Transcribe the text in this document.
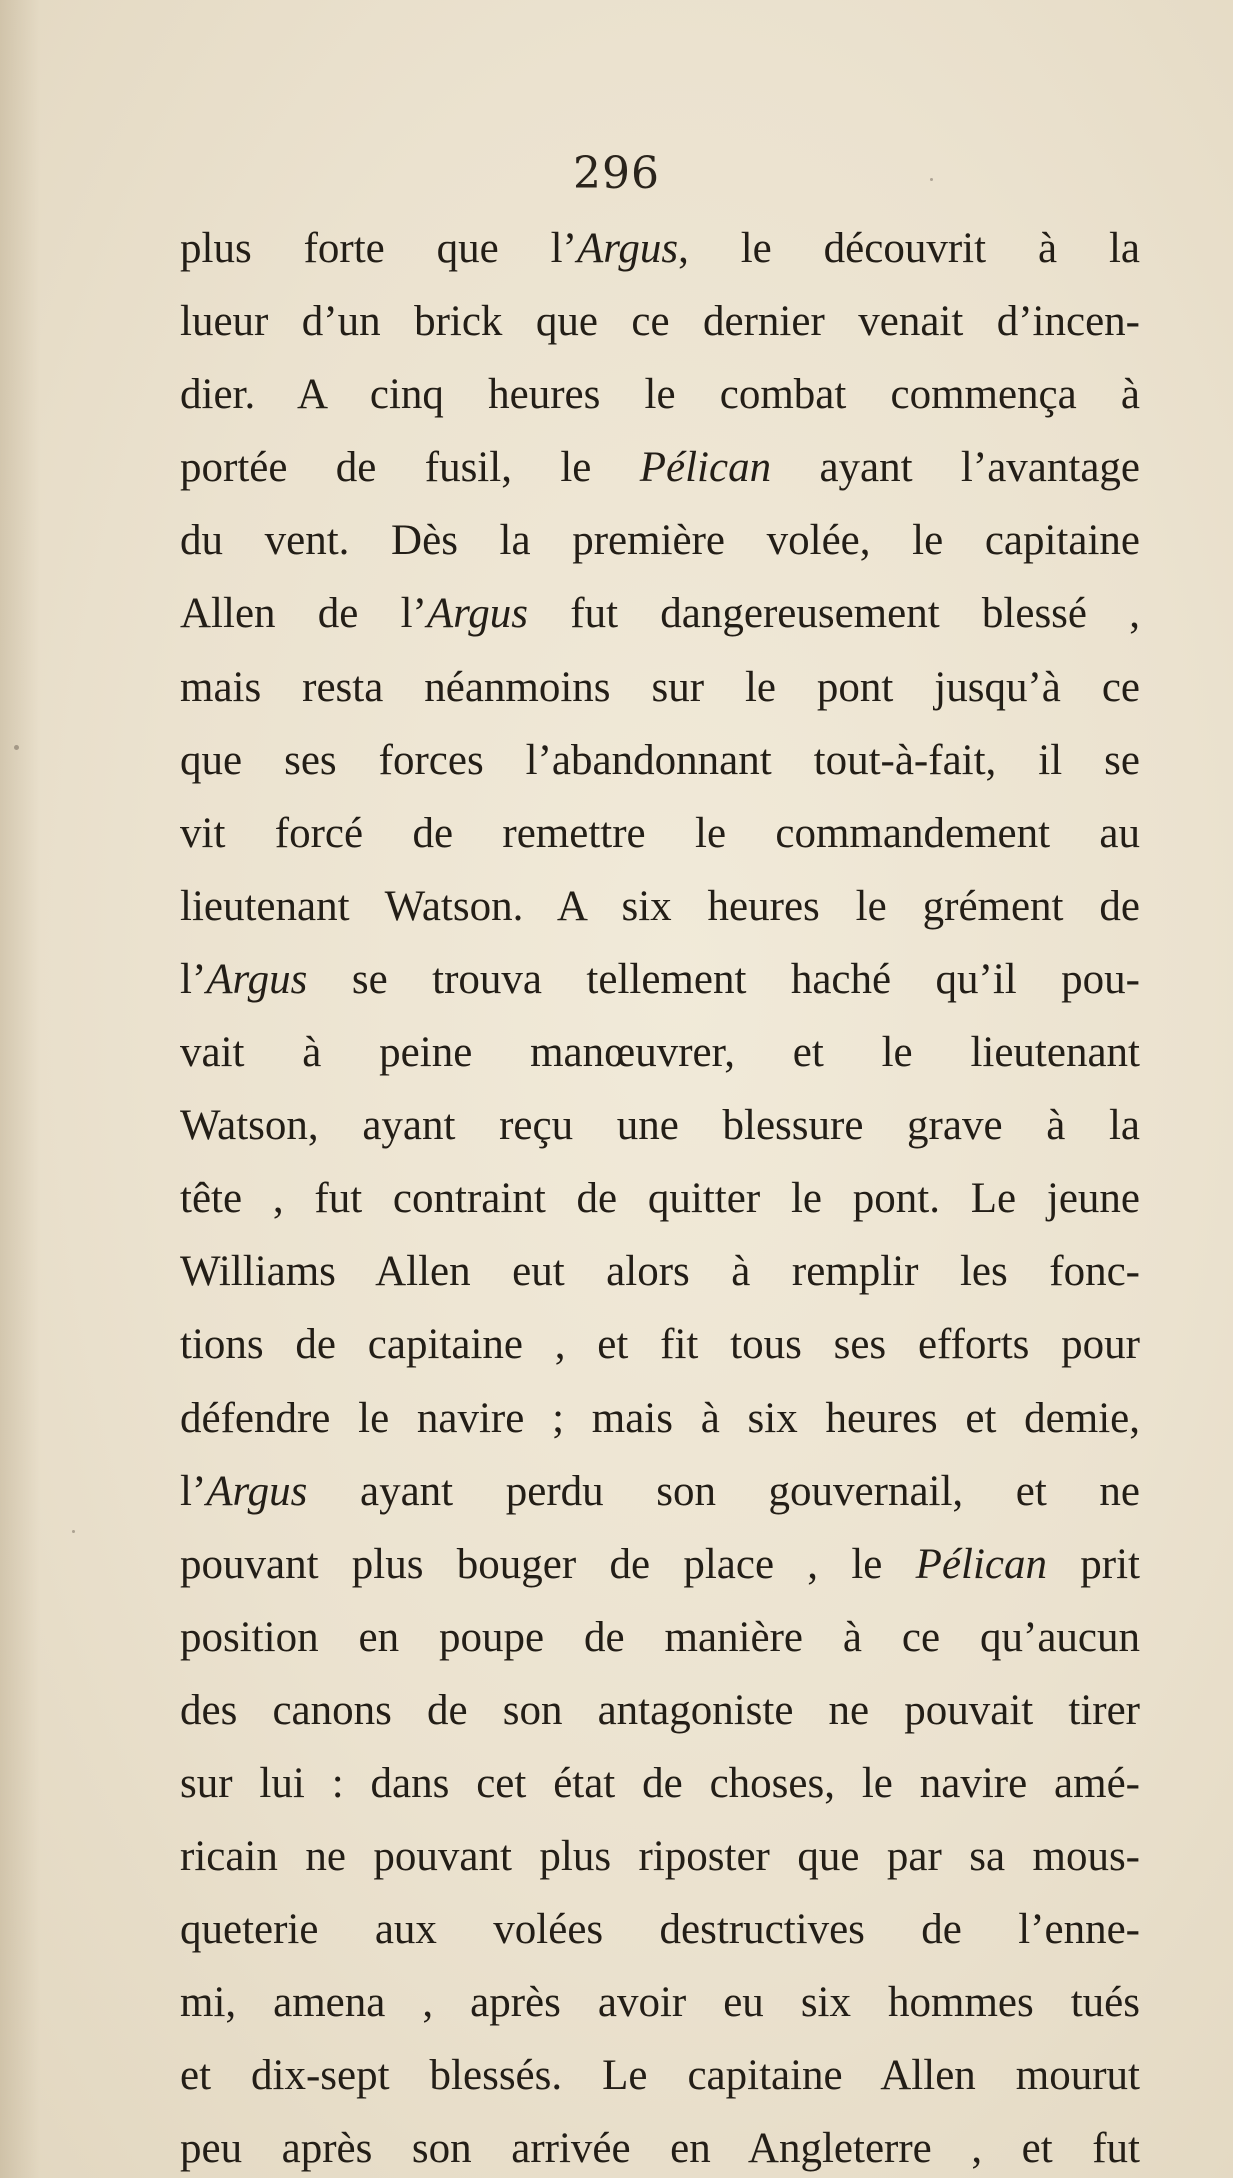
296
plus forte que l’Argus, le découvrit à la
lueur d’un brick que ce dernier venait d’incen-
dier. A cinq heures le combat commença à
portée de fusil, le Pélican ayant l’avantage
du vent. Dès la première volée, le capitaine
Allen de l’Argus fut dangereusement blessé ,
mais resta néanmoins sur le pont jusqu’à ce
que ses forces l’abandonnant tout-à-fait, il se
vit forcé de remettre le commandement au
lieutenant Watson. A six heures le grément de
l’Argus se trouva tellement haché qu’il pou-
vait à peine manœuvrer, et le lieutenant
Watson, ayant reçu une blessure grave à la
tête , fut contraint de quitter le pont. Le jeune
Williams Allen eut alors à remplir les fonc-
tions de capitaine , et fit tous ses efforts pour
défendre le navire ; mais à six heures et demie,
l’Argus ayant perdu son gouvernail, et ne
pouvant plus bouger de place , le Pélican prit
position en poupe de manière à ce qu’aucun
des canons de son antagoniste ne pouvait tirer
sur lui : dans cet état de choses, le navire amé-
ricain ne pouvant plus riposter que par sa mous-
queterie aux volées destructives de l’enne-
mi, amena , après avoir eu six hommes tués
et dix-sept blessés. Le capitaine Allen mourut
peu après son arrivée en Angleterre , et fut
